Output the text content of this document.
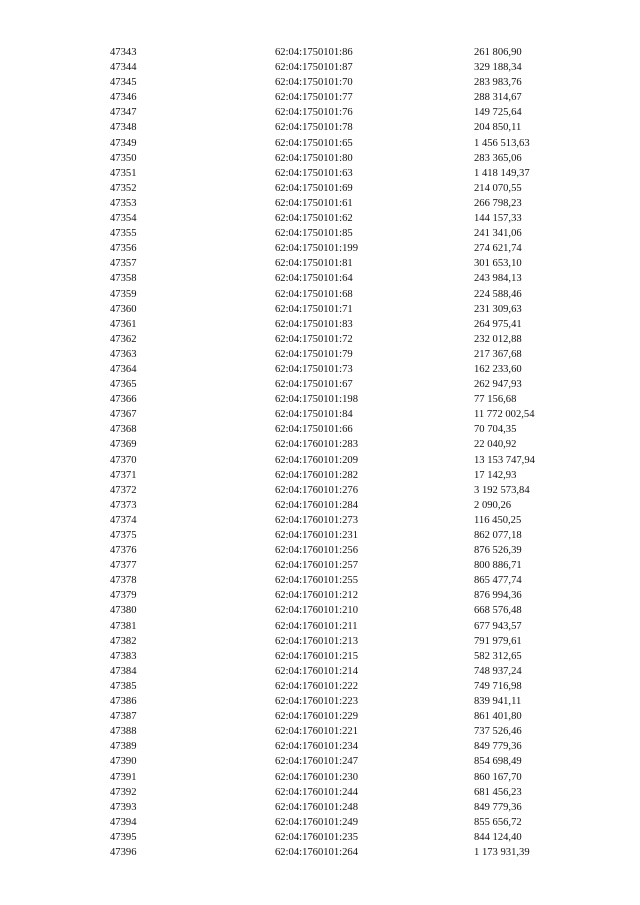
47343	62:04:1750101:86	261 806,90
47344	62:04:1750101:87	329 188,34
47345	62:04:1750101:70	283 983,76
47346	62:04:1750101:77	288 314,67
47347	62:04:1750101:76	149 725,64
47348	62:04:1750101:78	204 850,11
47349	62:04:1750101:65	1 456 513,63
47350	62:04:1750101:80	283 365,06
47351	62:04:1750101:63	1 418 149,37
47352	62:04:1750101:69	214 070,55
47353	62:04:1750101:61	266 798,23
47354	62:04:1750101:62	144 157,33
47355	62:04:1750101:85	241 341,06
47356	62:04:1750101:199	274 621,74
47357	62:04:1750101:81	301 653,10
47358	62:04:1750101:64	243 984,13
47359	62:04:1750101:68	224 588,46
47360	62:04:1750101:71	231 309,63
47361	62:04:1750101:83	264 975,41
47362	62:04:1750101:72	232 012,88
47363	62:04:1750101:79	217 367,68
47364	62:04:1750101:73	162 233,60
47365	62:04:1750101:67	262 947,93
47366	62:04:1750101:198	77 156,68
47367	62:04:1750101:84	11 772 002,54
47368	62:04:1750101:66	70 704,35
47369	62:04:1760101:283	22 040,92
47370	62:04:1760101:209	13 153 747,94
47371	62:04:1760101:282	17 142,93
47372	62:04:1760101:276	3 192 573,84
47373	62:04:1760101:284	2 090,26
47374	62:04:1760101:273	116 450,25
47375	62:04:1760101:231	862 077,18
47376	62:04:1760101:256	876 526,39
47377	62:04:1760101:257	800 886,71
47378	62:04:1760101:255	865 477,74
47379	62:04:1760101:212	876 994,36
47380	62:04:1760101:210	668 576,48
47381	62:04:1760101:211	677 943,57
47382	62:04:1760101:213	791 979,61
47383	62:04:1760101:215	582 312,65
47384	62:04:1760101:214	748 937,24
47385	62:04:1760101:222	749 716,98
47386	62:04:1760101:223	839 941,11
47387	62:04:1760101:229	861 401,80
47388	62:04:1760101:221	737 526,46
47389	62:04:1760101:234	849 779,36
47390	62:04:1760101:247	854 698,49
47391	62:04:1760101:230	860 167,70
47392	62:04:1760101:244	681 456,23
47393	62:04:1760101:248	849 779,36
47394	62:04:1760101:249	855 656,72
47395	62:04:1760101:235	844 124,40
47396	62:04:1760101:264	1 173 931,39
